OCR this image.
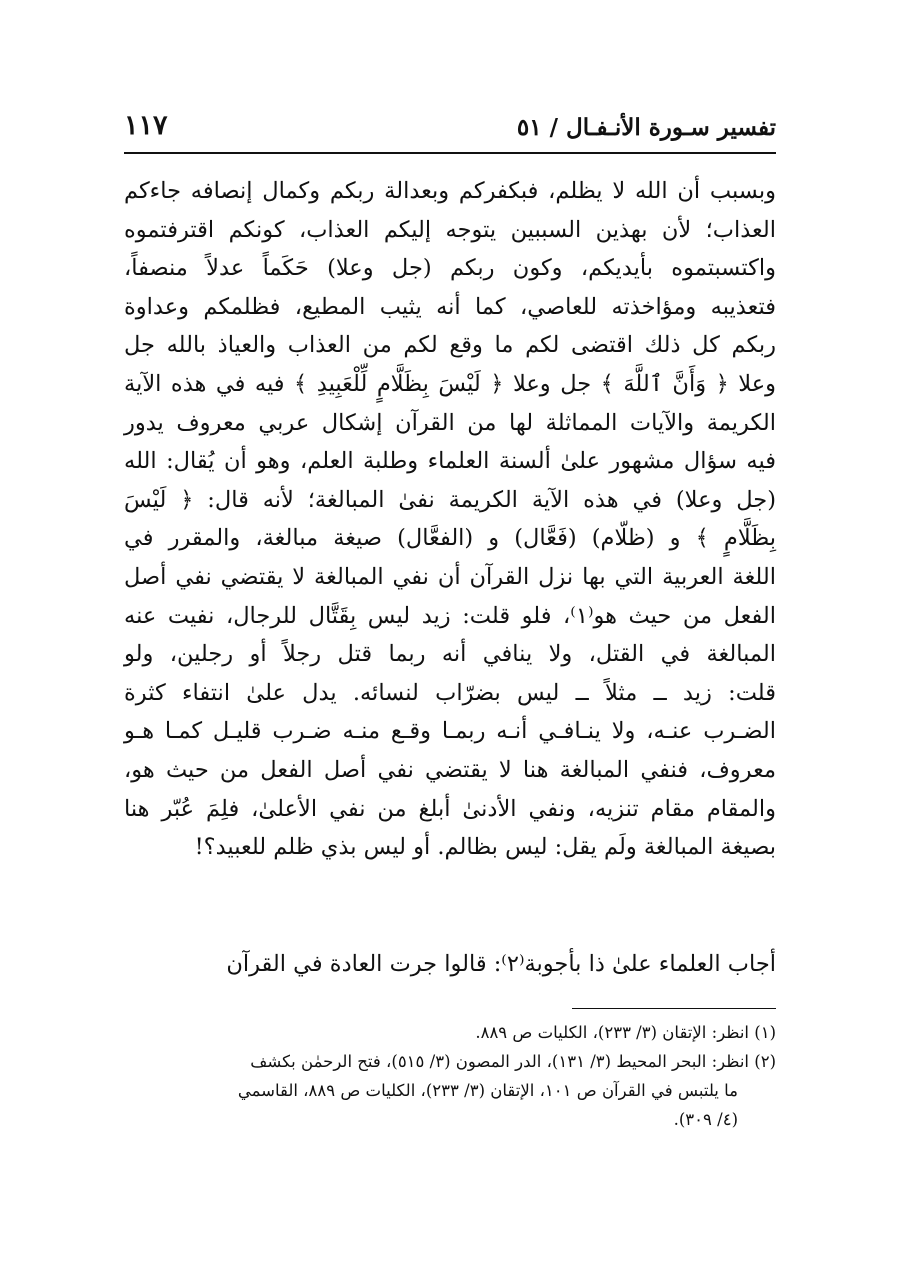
تفسير سـورة الأنـفـال / ٥١
١١٧

وبسبب أن الله لا يظلم، فبكفركم وبعدالة ربكم وكمال إنصافه جاءكم
العذاب؛ لأن بهذين السببين يتوجه إليكم العذاب، كونكم اقترفتموه
واكتسبتموه بأيديكم، وكون ربكم (جل وعلا) حَكَماً عدلاً منصفاً،
فتعذيبه ومؤاخذته للعاصي، كما أنه يثيب المطيع، فظلمكم وعداوة
ربكم كل ذلك اقتضى لكم ما وقع لكم من العذاب والعياذ بالله جل
وعلا ﴿ وَأَنَّ ٱللَّهَ ﴾ جل وعلا ﴿ لَيْسَ بِظَلَّامٍ لِّلْعَبِيدِ ﴾ فيه في هذه الآية
الكريمة والآيات المماثلة لها من القرآن إشكال عربي معروف يدور
فيه سؤال مشهور علىٰ ألسنة العلماء وطلبة العلم، وهو أن يُقال: الله
(جل وعلا) في هذه الآية الكريمة نفىٰ المبالغة؛ لأنه قال: ﴿ لَيْسَ
بِظَلَّامٍ ﴾ و (ظلّام) (فَعَّال) و (الفعَّال) صيغة مبالغة، والمقرر في
اللغة العربية التي بها نزل القرآن أن نفي المبالغة لا يقتضي نفي أصل
الفعل من حيث هو⁽١⁾، فلو قلت: زيد ليس بِقَتَّال للرجال، نفيت عنه
المبالغة في القتل، ولا ينافي أنه ربما قتل رجلاً أو رجلين، ولو
قلت: زيد ــ مثلاً ــ ليس بضرّاب لنسائه. يدل علىٰ انتفاء كثرة
الضـرب عنـه، ولا ينـافـي أنـه ربمـا وقـع منـه ضـرب قليـل كمـا هـو
معروف، فنفي المبالغة هنا لا يقتضي نفي أصل الفعل من حيث هو،
والمقام مقام تنزيه، ونفي الأدنىٰ أبلغ من نفي الأعلىٰ، فلِمَ عُبّر هنا
بصيغة المبالغة ولَم يقل: ليس بظالم. أو ليس بذي ظلم للعبيد؟!

أجاب العلماء علىٰ ذا بأجوبة⁽٢⁾: قالوا جرت العادة في القرآن

(١) انظر: الإتقان (٣/ ٢٣٣)، الكليات ص ٨٨٩.
(٢) انظر: البحر المحيط (٣/ ١٣١)، الدر المصون (٣/ ٥١٥)، فتح الرحمٰن بكشف
ما يلتبس في القرآن ص ١٠١، الإتقان (٣/ ٢٣٣)، الكليات ص ٨٨٩، القاسمي
(٤/ ٣٠٩).
